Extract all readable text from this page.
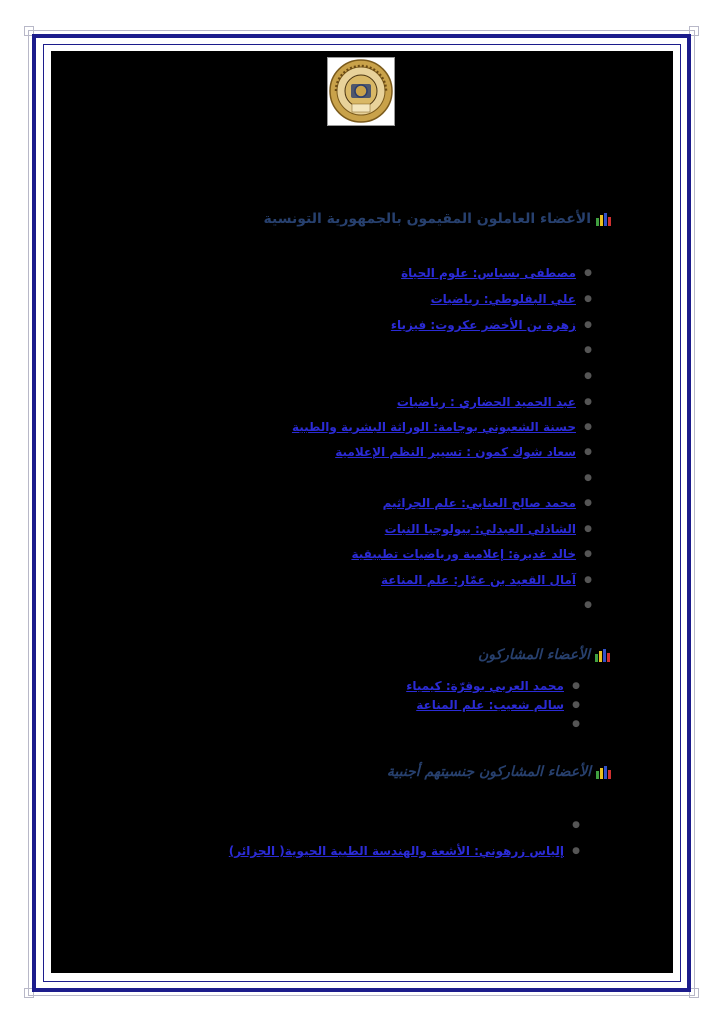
الأعضاء العاملون المقيمون بالجمهورية التونسية
●
مصطفى بسباس: علوم الحياة
●
علي البقلوطي: رياضيات
●
زهرة بن الأخضر عكروت: فيزياء
●
●
●
عبد الحميد الحضاري : رياضيات
●
حسنة الشعبوني بوجامة: الوراثة البشرية والطبية
●
سعاد شوك كمون : تسيير النظم الإعلامية
●
●
محمد صالح العنابي: علم الجراثيم
●
الشاذلي العبدلي: بيولوجيا النبات
●
خالد غديرة: إعلامية ورياضيات تطبيقية
●
آمال القعيد بن عمّار: علم المناعة
●
الأعضاء المشاركون
●
محمد العربي بوقرّة: كيمياء
●
سالم شعيب: علم المناعة
●
الأعضاء المشاركون جنسيتهم أجنبية
●
●
إلياس زرهوني: الأشعة والهندسة الطبية الحيوية( الجزائر)
